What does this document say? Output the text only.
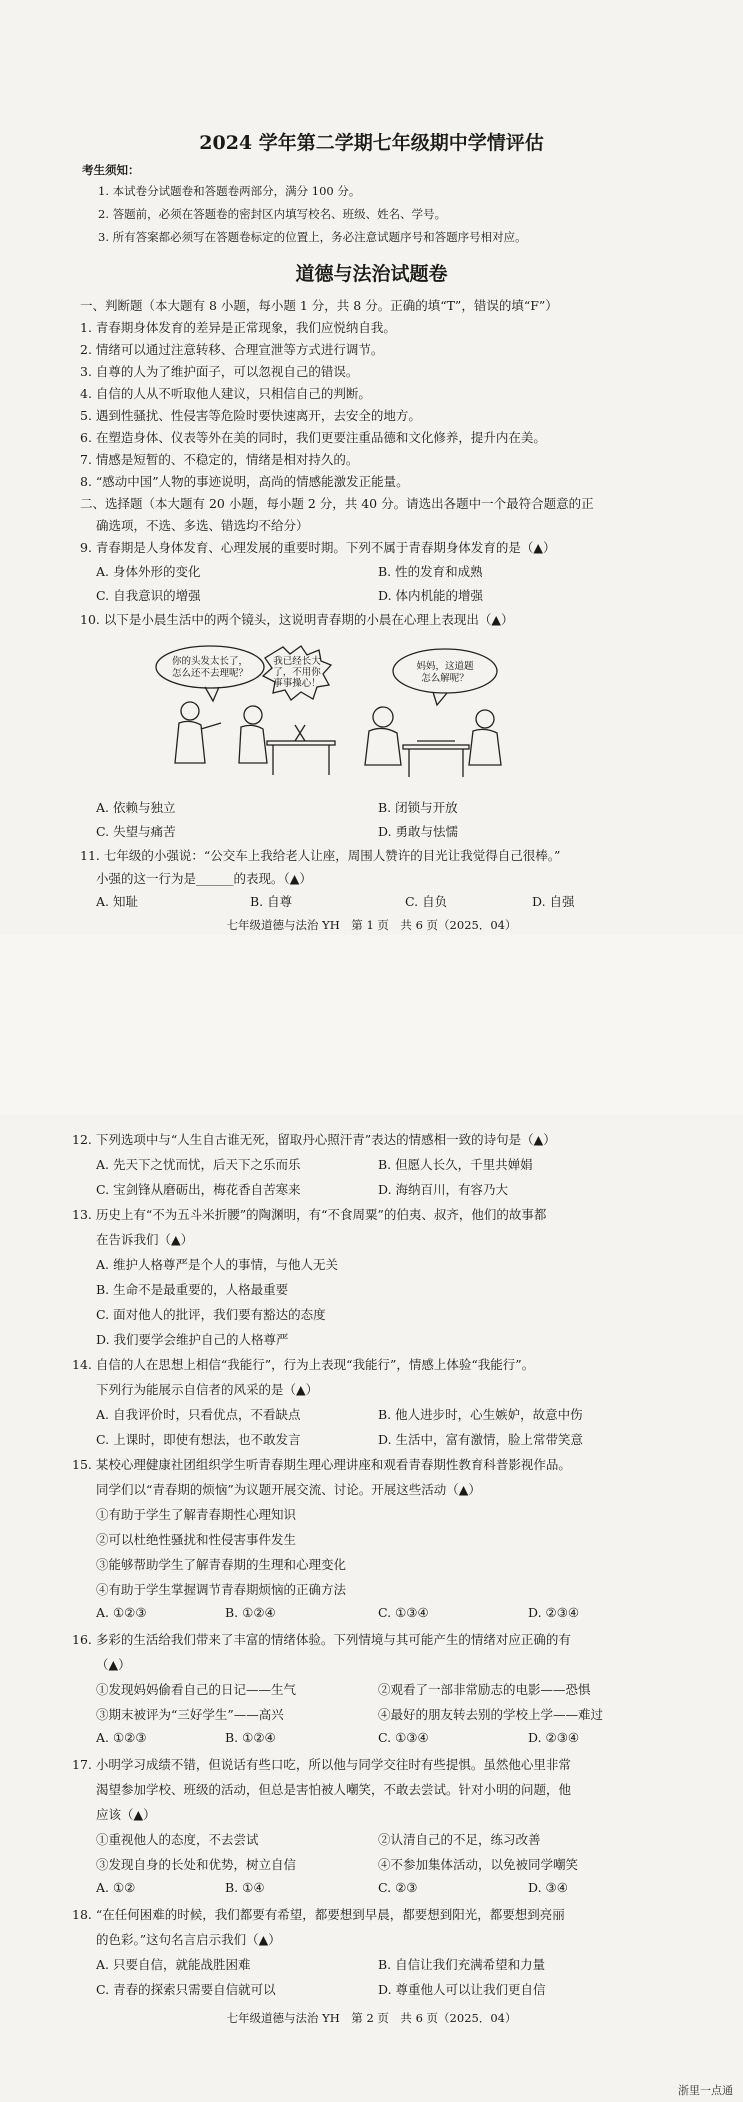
2024 学年第二学期七年级期中学情评估
考生须知：
1. 本试卷分试题卷和答题卷两部分，满分 100 分。
2. 答题前，必须在答题卷的密封区内填写校名、班级、姓名、学号。
3. 所有答案都必须写在答题卷标定的位置上，务必注意试题序号和答题序号相对应。
道德与法治试题卷
一、判断题（本大题有 8 小题，每小题 1 分，共 8 分。正确的填“T”，错误的填“F”）
1. 青春期身体发育的差异是正常现象，我们应悦纳自我。
2. 情绪可以通过注意转移、合理宣泄等方式进行调节。
3. 自尊的人为了维护面子，可以忽视自己的错误。
4. 自信的人从不听取他人建议，只相信自己的判断。
5. 遇到性骚扰、性侵害等危险时要快速离开，去安全的地方。
6. 在塑造身体、仪表等外在美的同时，我们更要注重品德和文化修养，提升内在美。
7. 情感是短暂的、不稳定的，情绪是相对持久的。
8. “感动中国”人物的事迹说明，高尚的情感能激发正能量。
二、选择题（本大题有 20 小题，每小题 2 分，共 40 分。请选出各题中一个最符合题意的正
确选项，不选、多选、错选均不给分）
9. 青春期是人身体发育、心理发展的重要时期。下列不属于青春期身体发育的是（▲）
A. 身体外形的变化	B. 性的发育和成熟
C. 自我意识的增强	D. 体内机能的增强
10. 以下是小晨生活中的两个镜头，这说明青春期的小晨在心理上表现出（▲）
你的头发太长了，
怎么还不去理呢？
我已经长大
了，不用你
事事操心！
妈妈，这道题
怎么解呢？
A. 依赖与独立	B. 闭锁与开放
C. 失望与痛苦	D. 勇敢与怯懦
11. 七年级的小强说：“公交车上我给老人让座，周围人赞许的目光让我觉得自己很棒。”
小强的这一行为是______的表现。（▲）
A. 知耻	B. 自尊	C. 自负	D. 自强
七年级道德与法治 YH　第 1 页　共 6 页（2025．04）
12. 下列选项中与“人生自古谁无死，留取丹心照汗青”表达的情感相一致的诗句是（▲）
A. 先天下之忧而忧，后天下之乐而乐	B. 但愿人长久，千里共婵娟
C. 宝剑锋从磨砺出，梅花香自苦寒来	D. 海纳百川，有容乃大
13. 历史上有“不为五斗米折腰”的陶渊明，有“不食周粟”的伯夷、叔齐，他们的故事都
在告诉我们（▲）
A. 维护人格尊严是个人的事情，与他人无关
B. 生命不是最重要的，人格最重要
C. 面对他人的批评，我们要有豁达的态度
D. 我们要学会维护自己的人格尊严
14. 自信的人在思想上相信“我能行”，行为上表现“我能行”，情感上体验“我能行”。
下列行为能展示自信者的风采的是（▲）
A. 自我评价时，只看优点，不看缺点	B. 他人进步时，心生嫉妒，故意中伤
C. 上课时，即使有想法，也不敢发言	D. 生活中，富有激情，脸上常带笑意
15. 某校心理健康社团组织学生听青春期生理心理讲座和观看青春期性教育科普影视作品。
同学们以“青春期的烦恼”为议题开展交流、讨论。开展这些活动（▲）
①有助于学生了解青春期性心理知识
②可以杜绝性骚扰和性侵害事件发生
③能够帮助学生了解青春期的生理和心理变化
④有助于学生掌握调节青春期烦恼的正确方法
A. ①②③	B. ①②④	C. ①③④	D. ②③④
16. 多彩的生活给我们带来了丰富的情绪体验。下列情境与其可能产生的情绪对应正确的有
（▲）
①发现妈妈偷看自己的日记——生气	②观看了一部非常励志的电影——恐惧
③期末被评为“三好学生”——高兴	④最好的朋友转去别的学校上学——难过
A. ①②③	B. ①②④	C. ①③④	D. ②③④
17. 小明学习成绩不错，但说话有些口吃，所以他与同学交往时有些提惧。虽然他心里非常
渴望参加学校、班级的活动，但总是害怕被人嘲笑，不敢去尝试。针对小明的问题，他
应该（▲）
①重视他人的态度，不去尝试	②认清自己的不足，练习改善
③发现自身的长处和优势，树立自信	④不参加集体活动，以免被同学嘲笑
A. ①②	B. ①④	C. ②③	D. ③④
18. “在任何困难的时候，我们都要有希望，都要想到早晨，都要想到阳光，都要想到亮丽
的色彩。”这句名言启示我们（▲）
A. 只要自信，就能战胜困难	B. 自信让我们充满希望和力量
C. 青春的探索只需要自信就可以	D. 尊重他人可以让我们更自信
七年级道德与法治 YH　第 2 页　共 6 页（2025．04）
浙里一点通
